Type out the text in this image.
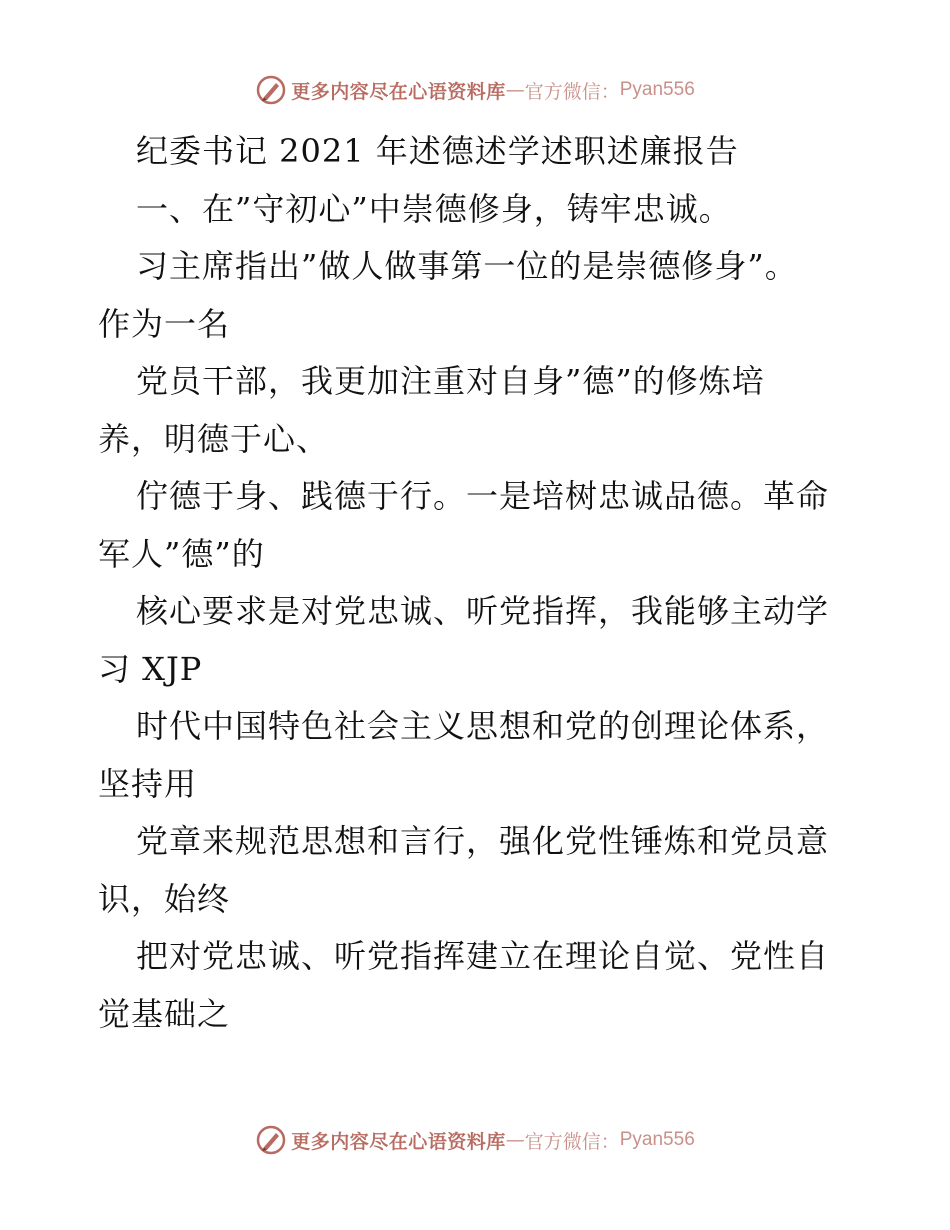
更多内容尽在心语资料库 — 官方微信： Pyan556
纪委书记 2021 年述德述学述职述廉报告
一、在”守初心”中崇德修身，铸牢忠诚。
习主席指出”做人做事第一位的是崇德修身”。
作为一名
党员干部，我更加注重对自身”德”的修炼培
养，明德于心、
佇德于身、践德于行。一是培树忠诚品德。革命
军人”德”的
核心要求是对党忠诚、听党指挥，我能够主动学
习 XJP
时代中国特色社会主义思想和党的创理论体系，
坚持用
党章来规范思想和言行，强化党性锤炼和党员意
识，始终
把对党忠诚、听党指挥建立在理论自觉、党性自
觉基础之
更多内容尽在心语资料库 — 官方微信： Pyan556
